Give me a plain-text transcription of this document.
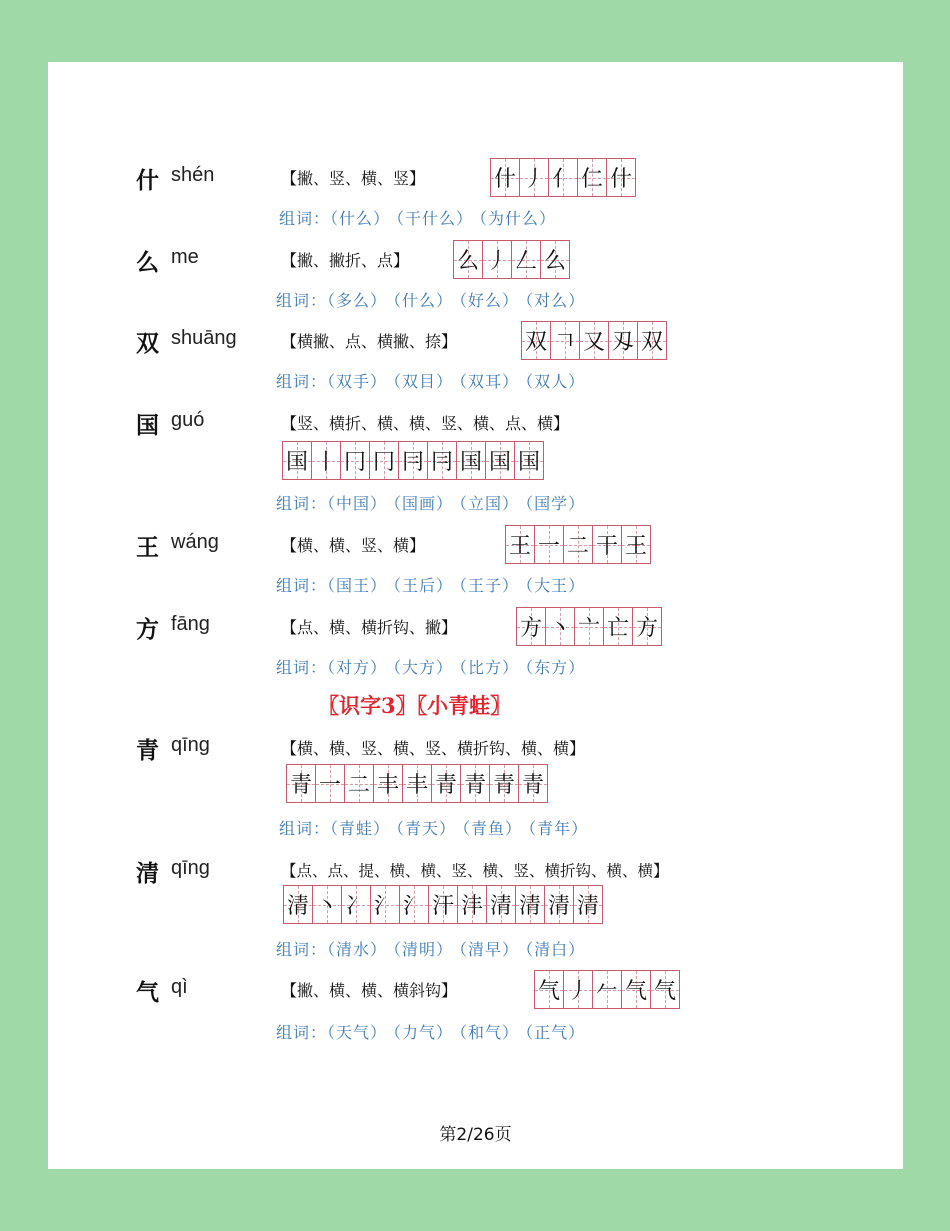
什 shén	【撇、竖、横、竖】	什 丿 亻 仁 什
组词：（什么） （干什么） （为什么）
么 me	【撇、撇折、点】 么 丿 𠃋 么
组词：（多么） （什么） （好么） （对么）
双 shuāng	【横撇、点、横撇、捺】	双 𠃍 又 刄 双
组词：（双手） （双目） （双耳） （双人）
国 guó	【竖、横折、横、横、竖、横、点、横】
国 丨 冂 冂 冃 冃 国 国 国
组词：（中国） （国画） （立国） （国学）
王 wáng	【横、横、竖、横】	王 一 二 干 王
组词：（国王） （王后） （王子） （大王）
方 fāng	【点、横、横折钩、撇】	方 丶 亠 亡 方
组词：（对方） （大方） （比方） （东方）
〖识字3〗〖小青蛙〗
青 qīng	【横、横、竖、横、竖、横折钩、横、横】
青 一 二 丰 丰 青 青 青 青
组词：（青蛙） （青天） （青鱼） （青年）
清 qīng	【点、点、提、横、横、竖、横、竖、横折钩、横、横】
清 丶 冫 氵 氵 汗 沣 清 清 清 清
组词：（清水） （清明） （清早） （清白）
气 qì	【撇、横、横、横斜钩】	气 丿 𠂉 气 气
组词：（天气） （力气） （和气） （正气）
第2/26页
